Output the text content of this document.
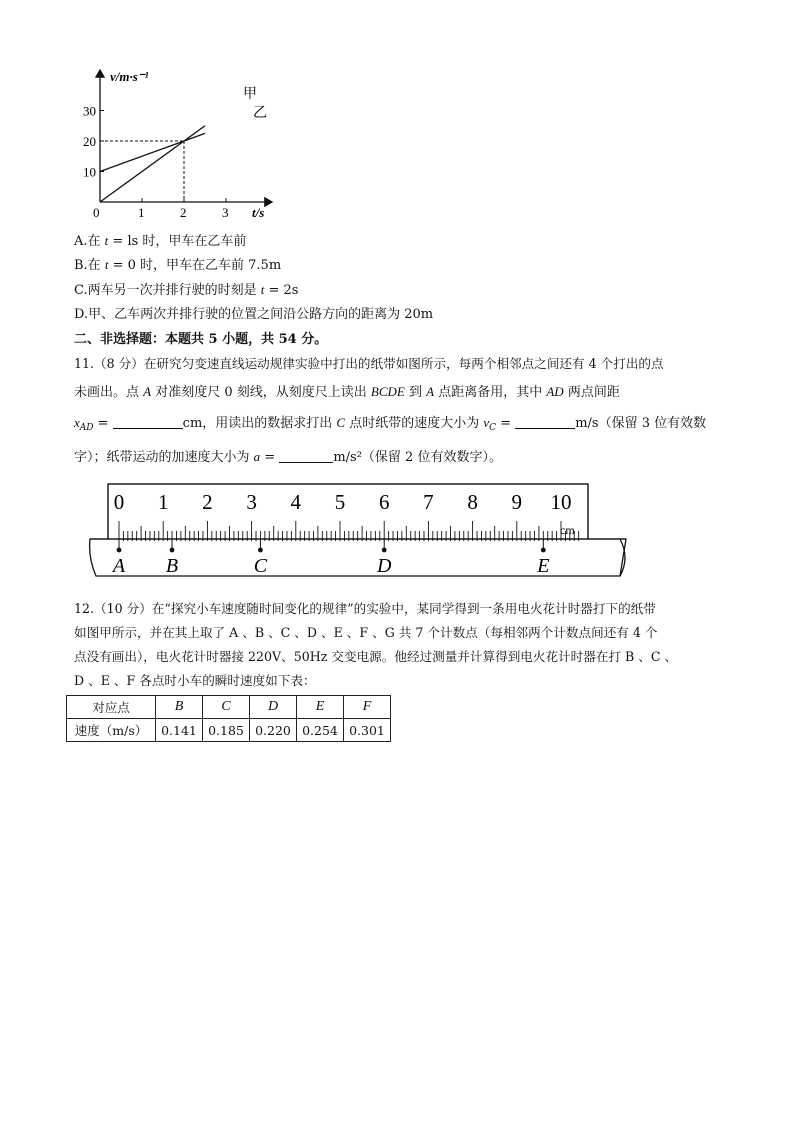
0	1	2	3
10
20
30
v/m·s⁻¹
t/s
甲
乙
A.在 t = ls 时，甲车在乙车前
B.在 t = 0 时，甲车在乙车前 7.5m
C.两车另一次并排行驶的时刻是 t = 2s
D.甲、乙车两次并排行驶的位置之间沿公路方向的距离为 20m
二、非选择题：本题共 5 小题，共 54 分。
11.（8 分）在研究匀变速直线运动规律实验中打出的纸带如图所示，每两个相邻点之间还有 4 个打出的点
未画出。点 A 对准刻度尺 0 刻线，从刻度尺上读出 BCDE 到 A 点距离备用，其中 AD 两点间距
$x_{AD}$ =	cm，用读出的数据求打出 C 点时纸带的速度大小为 $v_C$ =	m/s（保留 3 位有效数
字）；纸带运动的加速度大小为 a =	m/s²（保留 2 位有效数字）。
0 1 2 3 4 5 6 7 8 9 10
cm
A B	C	D	E
12.（10 分）在“探究小车速度随时间变化的规律”的实验中，某同学得到一条用电火花计时器打下的纸带
如图甲所示，并在其上取了 A 、B 、C 、D 、E 、F 、G 共 7 个计数点（每相邻两个计数点间还有 4 个
点没有画出），电火花计时器接 220V、50Hz 交变电源。他经过测量并计算得到电火花计时器在打 B 、C 、
D 、E 、F 各点时小车的瞬时速度如下表：
对应点	B	C	D	E	F
速度（m/s）	0.141	0.185	0.220	0.254	0.301
